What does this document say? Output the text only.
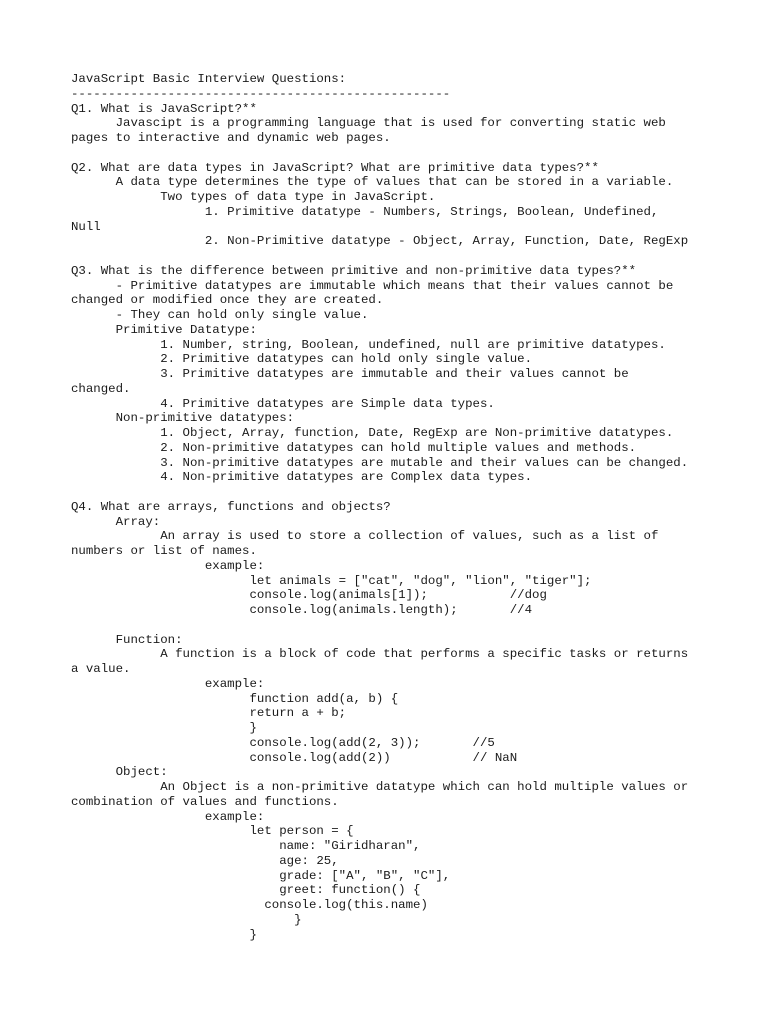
JavaScript Basic Interview Questions:
---------------------------------------------------
Q1. What is JavaScript?**
Javascipt is a programming language that is used for converting static web
pages to interactive and dynamic web pages.
Q2. What are data types in JavaScript? What are primitive data types?**
A data type determines the type of values that can be stored in a variable.
Two types of data type in JavaScript.
1. Primitive datatype - Numbers, Strings, Boolean, Undefined,
Null
2. Non-Primitive datatype - Object, Array, Function, Date, RegExp
Q3. What is the difference between primitive and non-primitive data types?**
- Primitive datatypes are immutable which means that their values cannot be
changed or modified once they are created.
- They can hold only single value.
Primitive Datatype:
1. Number, string, Boolean, undefined, null are primitive datatypes.
2. Primitive datatypes can hold only single value.
3. Primitive datatypes are immutable and their values cannot be
changed.
4. Primitive datatypes are Simple data types.
Non-primitive datatypes:
1. Object, Array, function, Date, RegExp are Non-primitive datatypes.
2. Non-primitive datatypes can hold multiple values and methods.
3. Non-primitive datatypes are mutable and their values can be changed.
4. Non-primitive datatypes are Complex data types.
Q4. What are arrays, functions and objects?
Array:
An array is used to store a collection of values, such as a list of
numbers or list of names.
example:
let animals = ["cat", "dog", "lion", "tiger"];
console.log(animals[1]);           //dog
console.log(animals.length);       //4
Function:
A function is a block of code that performs a specific tasks or returns
a value.
example:
function add(a, b) {
return a + b;
}
console.log(add(2, 3));       //5
console.log(add(2))           // NaN
Object:
An Object is a non-primitive datatype which can hold multiple values or
combination of values and functions.
example:
let person = {
name: "Giridharan",
age: 25,
grade: ["A", "B", "C"],
greet: function() {
console.log(this.name)
}
}
